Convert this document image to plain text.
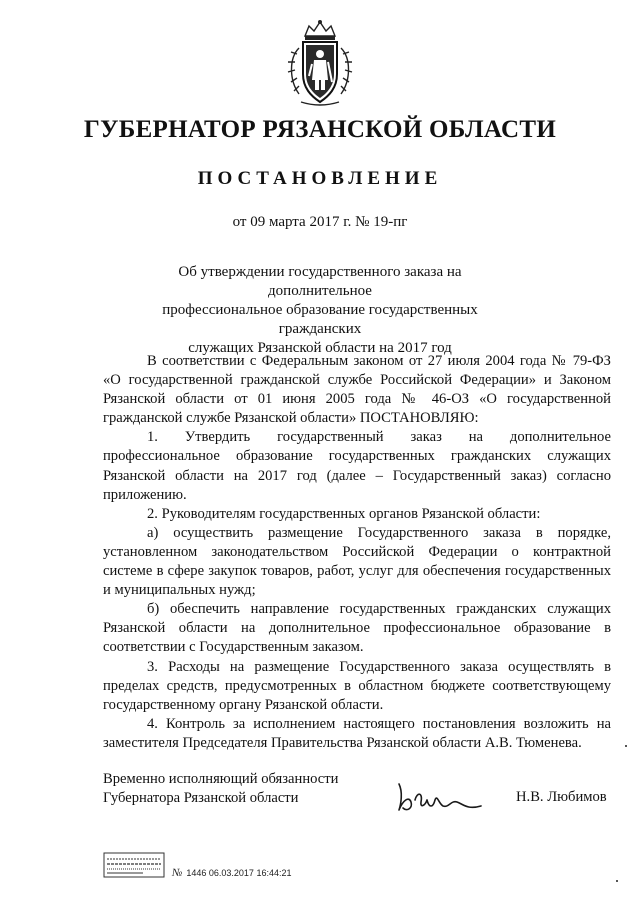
ГУБЕРНАТОР РЯЗАНСКОЙ ОБЛАСТИ
ПОСТАНОВЛЕНИЕ
от 09 марта 2017 г. № 19-пг
Об утверждении государственного заказа на дополнительное
профессиональное образование государственных гражданских
служащих Рязанской области на 2017 год

В соответствии с Федеральным законом от 27 июля 2004 года № 79-ФЗ «О государственной гражданской службе Российской Федерации» и Законом Рязанской области от 01 июня 2005 года № 46-ОЗ «О государственной гражданской службе Рязанской области» ПОСТАНОВЛЯЮ:

1. Утвердить государственный заказ на дополнительное профессиональное образование государственных гражданских служащих Рязанской области на 2017 год (далее – Государственный заказ) согласно приложению.

2. Руководителям государственных органов Рязанской области:

а) осуществить размещение Государственного заказа в порядке, установленном законодательством Российской Федерации о контрактной системе в сфере закупок товаров, работ, услуг для обеспечения государственных и муниципальных нужд;

б) обеспечить направление государственных гражданских служащих Рязанской области на дополнительное профессиональное образование в соответствии с Государственным заказом.

3. Расходы на размещение Государственного заказа осуществлять в пределах средств, предусмотренных в областном бюджете соответствующему государственному органу Рязанской области.

4. Контроль за исполнением настоящего постановления возложить на заместителя Председателя Правительства Рязанской области А.В. Тюменева.

Временно исполняющий обязанности
Губернатора Рязанской области	Н.В. Любимов
№ 1446 06.03.2017 16:44:21
